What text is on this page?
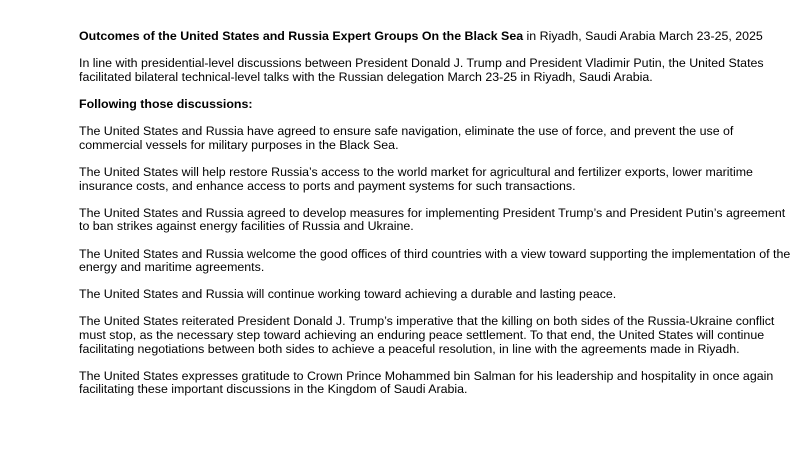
Outcomes of the United States and Russia Expert Groups On the Black Sea in Riyadh, Saudi Arabia March 23-25, 2025

In line with presidential-level discussions between President Donald J. Trump and President Vladimir Putin, the United States facilitated bilateral technical-level talks with the Russian delegation March 23-25 in Riyadh, Saudi Arabia.

Following those discussions:

The United States and Russia have agreed to ensure safe navigation, eliminate the use of force, and prevent the use of commercial vessels for military purposes in the Black Sea.

The United States will help restore Russia’s access to the world market for agricultural and fertilizer exports, lower maritime insurance costs, and enhance access to ports and payment systems for such transactions.

The United States and Russia agreed to develop measures for implementing President Trump’s and President Putin’s agreement to ban strikes against energy facilities of Russia and Ukraine.

The United States and Russia welcome the good offices of third countries with a view toward supporting the implementation of the energy and maritime agreements.

The United States and Russia will continue working toward achieving a durable and lasting peace.

The United States reiterated President Donald J. Trump’s imperative that the killing on both sides of the Russia-Ukraine conflict must stop, as the necessary step toward achieving an enduring peace settlement. To that end, the United States will continue facilitating negotiations between both sides to achieve a peaceful resolution, in line with the agreements made in Riyadh.

The United States expresses gratitude to Crown Prince Mohammed bin Salman for his leadership and hospitality in once again facilitating these important discussions in the Kingdom of Saudi Arabia.
